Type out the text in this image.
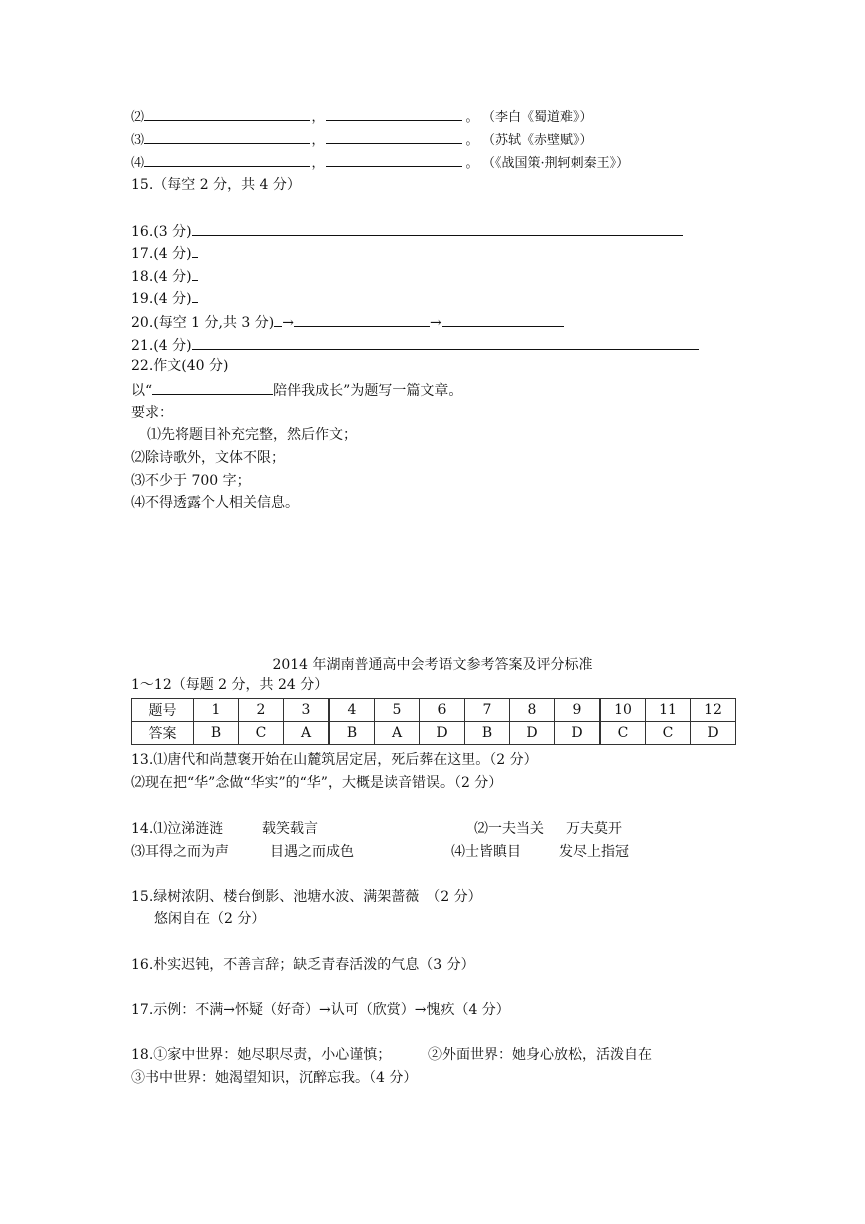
⑵	，	。 （李白《蜀道难》）
⑶	，	。 （苏轼《赤壁赋》）
⑷	，	。 （《战国策·荆轲刺秦王》）
15.（每空 2 分，共 4 分）
16.(3 分)
17.(4 分)
18.(4 分)
19.(4 分)
20.(每空 1 分,共 3 分) →	→
21.(4 分)
22.作文(40 分)
以“	陪伴我成长”为题写一篇文章。
要求：
⑴先将题目补充完整，然后作文；
⑵除诗歌外，文体不限；
⑶不少于 700 字；
⑷不得透露个人相关信息。
2014 年湖南普通高中会考语文参考答案及评分标准
1～12（每题 2 分，共 24 分）
题号	1	2	3	4	5	6	7	8	9	10	11	12
答案	B	C	A	B	A	D	B	D	D	C	C	D
13.⑴唐代和尚慧褒开始在山麓筑居定居，死后葬在这里。（2 分）
⑵现在把“华”念做“华实”的“华”，大概是读音错误。（2 分）
14.⑴泣涕涟涟	载笑载言	⑵一夫当关 万夫莫开
⑶耳得之而为声	目遇之而成色	⑷士皆瞋目	发尽上指冠
15.绿树浓阴、楼台倒影、池塘水波、满架蔷薇　（2 分）
悠闲自在（2 分）
16.朴实迟钝，不善言辞；缺乏青春活泼的气息（3 分）
17.示例：不满→怀疑（好奇）→认可（欣赏）→愧疚（4 分）
18.①家中世界：她尽职尽责，小心谨慎；	②外面世界：她身心放松，活泼自在
③书中世界：她渴望知识，沉醉忘我。（4 分）
